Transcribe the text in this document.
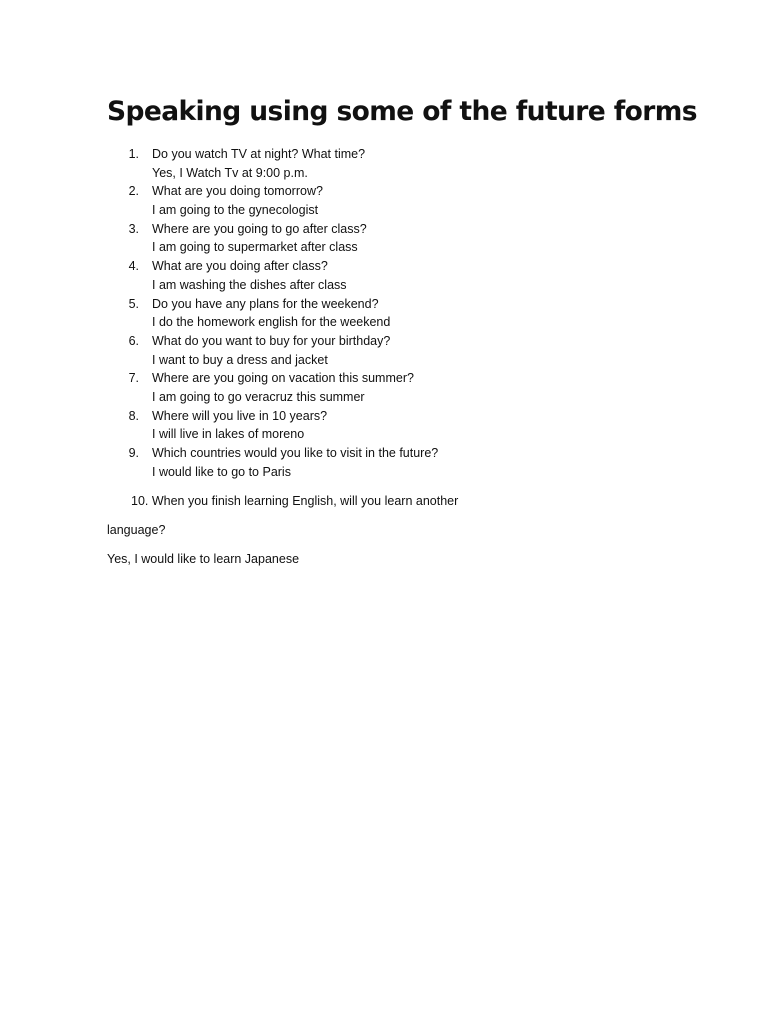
Speaking using some of the future forms
1. Do you watch TV at night? What time?
Yes, I Watch Tv at 9:00 p.m.
2. What are you doing tomorrow?
I am going to the gynecologist
3. Where are you going to go after class?
I am going to supermarket after class
4. What are you doing after class?
I am washing the dishes after class
5. Do you have any plans for the weekend?
I do the homework english for the weekend
6. What do you want to buy for your birthday?
I want to buy a dress and jacket
7. Where are you going on vacation this summer?
I am going to go veracruz this summer
8. Where will you live in 10 years?
I will live in lakes of moreno
9. Which countries would you like to visit in the future?
I would like to go to Paris
10. When you finish learning English, will you learn another
language?
Yes, I would like to learn Japanese
